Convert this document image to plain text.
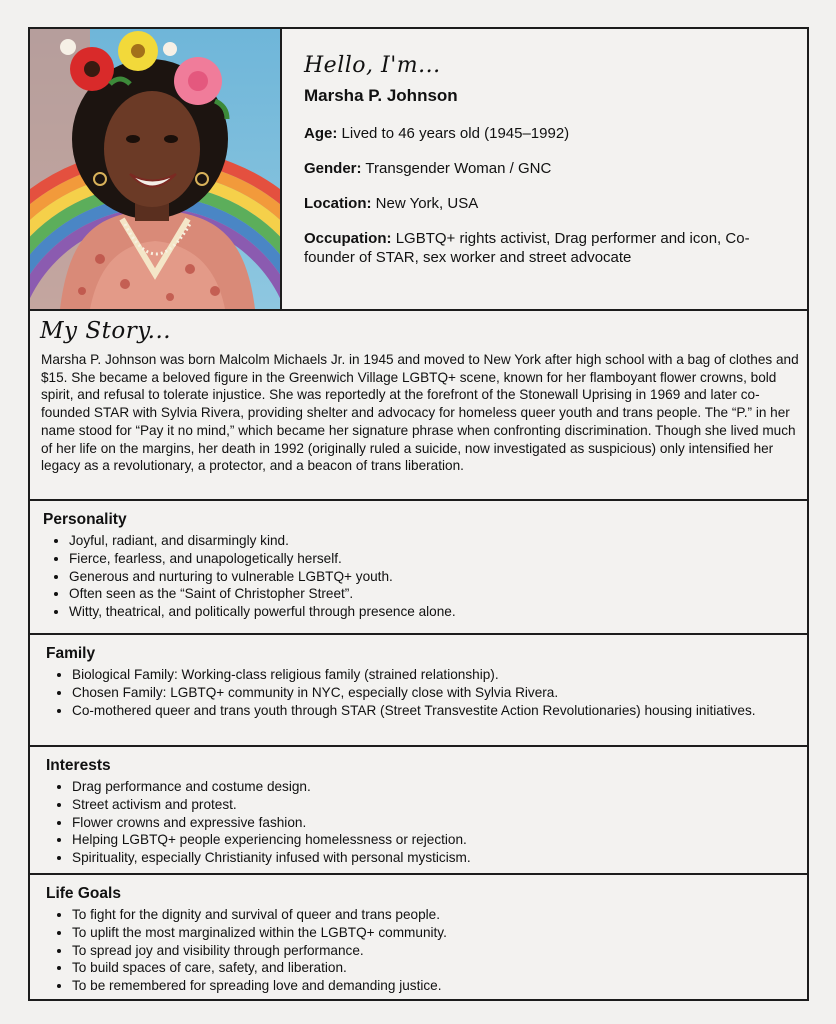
Hello, I'm...

Marsha P. Johnson

Age: Lived to 46 years old (1945–1992)

Gender: Transgender Woman / GNC

Location: New York, USA

Occupation: LGBTQ+ rights activist, Drag performer and icon, Co-founder of STAR, sex worker and street advocate

My Story...

Marsha P. Johnson was born Malcolm Michaels Jr. in 1945 and moved to New York after high school with a bag of clothes and $15. She became a beloved figure in the Greenwich Village LGBTQ+ scene, known for her flamboyant flower crowns, bold spirit, and refusal to tolerate injustice. She was reportedly at the forefront of the Stonewall Uprising in 1969 and later co-founded STAR with Sylvia Rivera, providing shelter and advocacy for homeless queer youth and trans people. The “P.” in her name stood for “Pay it no mind,” which became her signature phrase when confronting discrimination. Though she lived much of her life on the margins, her death in 1992 (originally ruled a suicide, now investigated as suspicious) only intensified her legacy as a revolutionary, a protector, and a beacon of trans liberation.

Personality
• Joyful, radiant, and disarmingly kind.
• Fierce, fearless, and unapologetically herself.
• Generous and nurturing to vulnerable LGBTQ+ youth.
• Often seen as the “Saint of Christopher Street”.
• Witty, theatrical, and politically powerful through presence alone.
Family
• Biological Family: Working-class religious family (strained relationship).
• Chosen Family: LGBTQ+ community in NYC, especially close with Sylvia Rivera.
• Co-mothered queer and trans youth through STAR (Street Transvestite Action Revolutionaries) housing initiatives.
Interests
• Drag performance and costume design.
• Street activism and protest.
• Flower crowns and expressive fashion.
• Helping LGBTQ+ people experiencing homelessness or rejection.
• Spirituality, especially Christianity infused with personal mysticism.
Life Goals
• To fight for the dignity and survival of queer and trans people.
• To uplift the most marginalized within the LGBTQ+ community.
• To spread joy and visibility through performance.
• To build spaces of care, safety, and liberation.
• To be remembered for spreading love and demanding justice.
